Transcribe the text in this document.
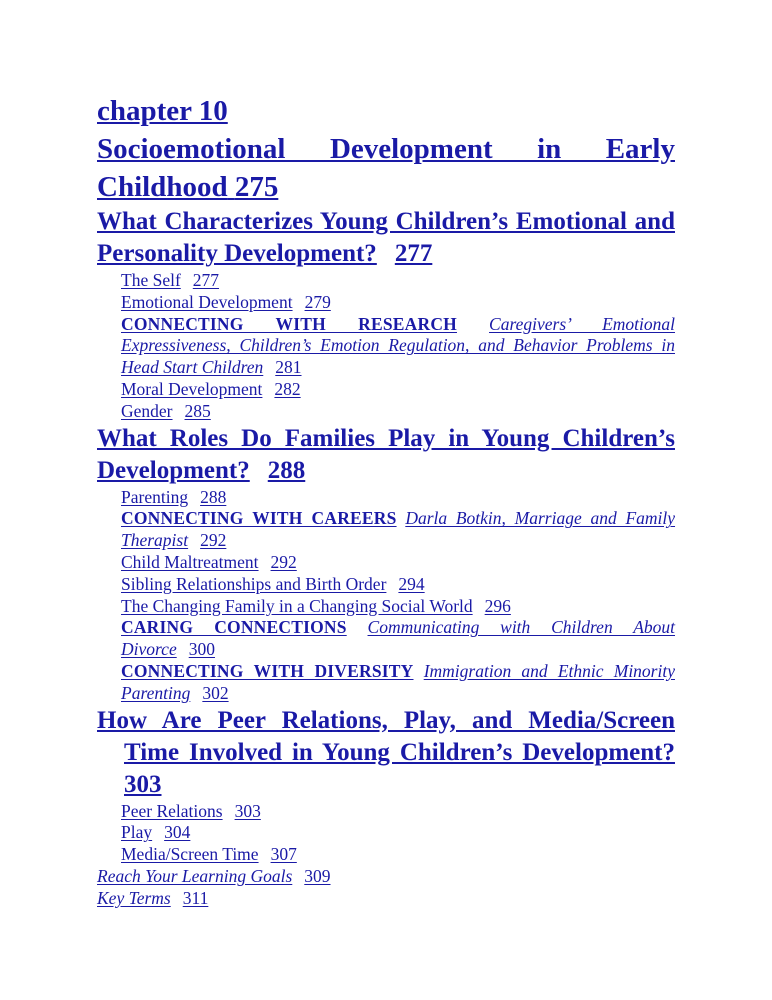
chapter 10
Socioemotional Development in Early Childhood 275
What Characterizes Young Children’s Emotional and Personality Development? 277

The Self 277

Emotional Development 279

CONNECTING WITH RESEARCH Caregivers’ Emotional Expressiveness, Children’s Emotion Regulation, and Behavior Problems in Head Start Children 281

Moral Development 282

Gender 285

What Roles Do Families Play in Young Children’s Development? 288

Parenting 288

CONNECTING WITH CAREERS Darla Botkin, Marriage and Family Therapist 292

Child Maltreatment 292

Sibling Relationships and Birth Order 294

The Changing Family in a Changing Social World 296

CARING CONNECTIONS Communicating with Children About Divorce 300

CONNECTING WITH DIVERSITY Immigration and Ethnic Minority Parenting 302

How Are Peer Relations, Play, and Media/Screen Time Involved in Young Children’s Development? 303

Peer Relations 303

Play 304

Media/Screen Time 307

Reach Your Learning Goals 309

Key Terms 311
